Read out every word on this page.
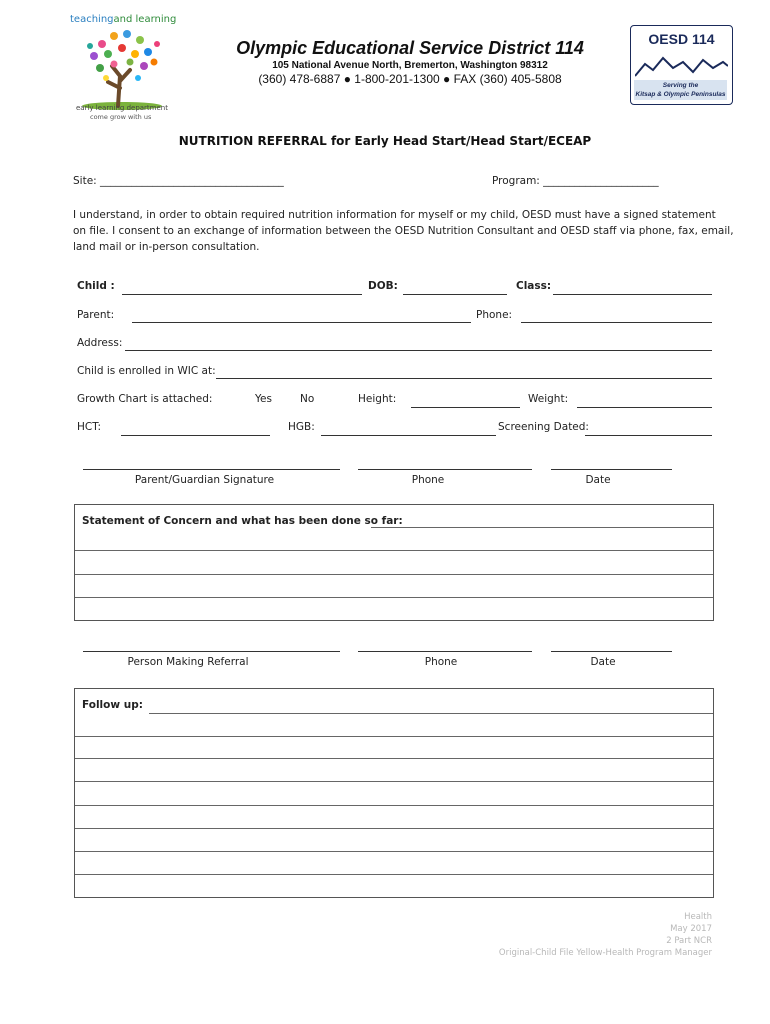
teachingand learning
early learning department
come grow with us
Olympic Educational Service District 114
105 National Avenue North, Bremerton, Washington 98312
(360) 478-6887 ● 1-800-201-1300 ● FAX (360) 405-5808
OESD 114
Serving the
Kitsap & Olympic Peninsulas
NUTRITION REFERRAL for Early Head Start/Head Start/ECEAP
Site: ___________________________________	Program: ______________________
I understand, in order to obtain required nutrition information for myself or my child, OESD must have a signed statement
on file. I consent to an exchange of information between the OESD Nutrition Consultant and OESD staff via phone, fax, email,
land mail or in-person consultation.
Child :	DOB:	Class:
Parent:	Phone:
Address:
Child is enrolled in WIC at:
Growth Chart is attached:	Yes	No	Height:	Weight:
HCT:	HGB:	Screening Dated:
Parent/Guardian Signature	Phone	Date
Statement of Concern and what has been done so far:
Person Making Referral	Phone	Date
Follow up:
Health
May 2017
2 Part NCR
Original-Child File Yellow-Health Program Manager
